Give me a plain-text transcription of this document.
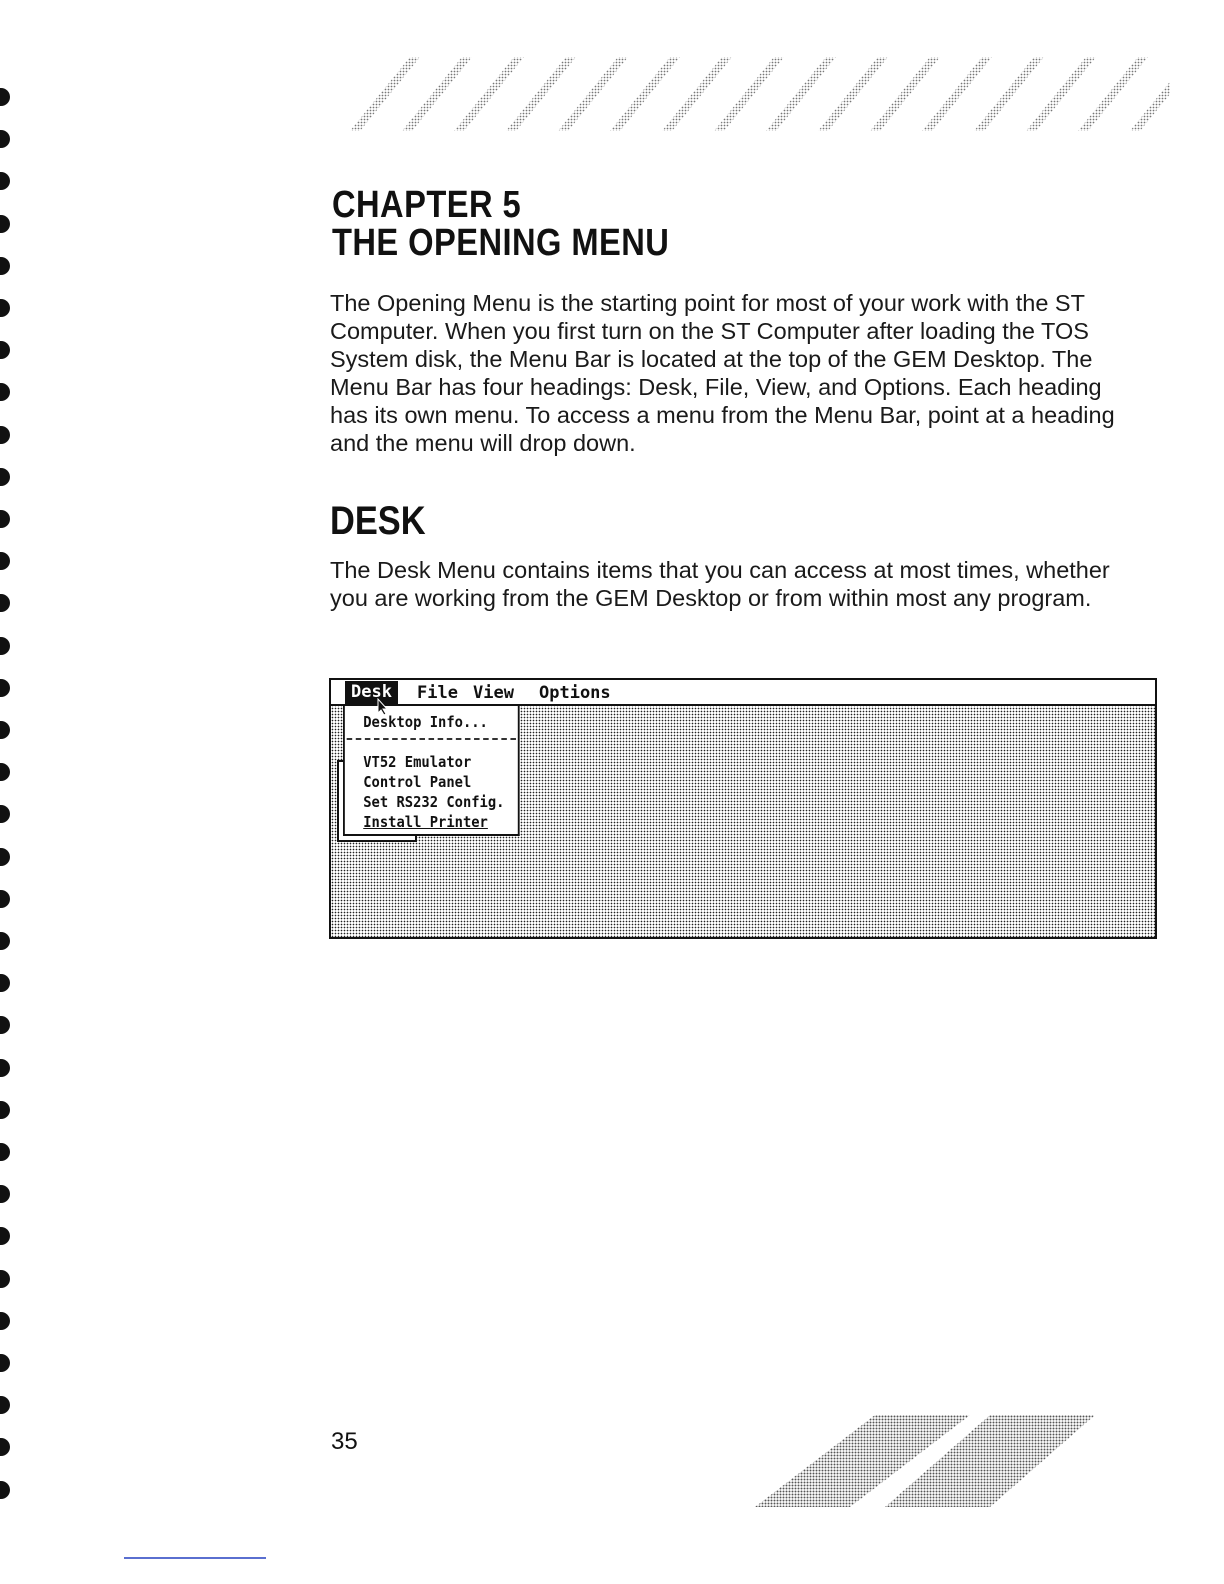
CHAPTER 5
THE OPENING MENU

The Opening Menu is the starting point for most of your work with the ST Computer. When you first turn on the ST Computer after loading the TOS System disk, the Menu Bar is located at the top of the GEM Desktop. The Menu Bar has four headings: Desk, File, View, and Options. Each heading has its own menu. To access a menu from the Menu Bar, point at a heading and the menu will drop down.

DESK

The Desk Menu contains items that you can access at most times, whether you are working from the GEM Desktop or from within most any program.

Desk	File View Options
Desktop Info...
VT52 Emulator
Control Panel
Set RS232 Config.
Install Printer

35
